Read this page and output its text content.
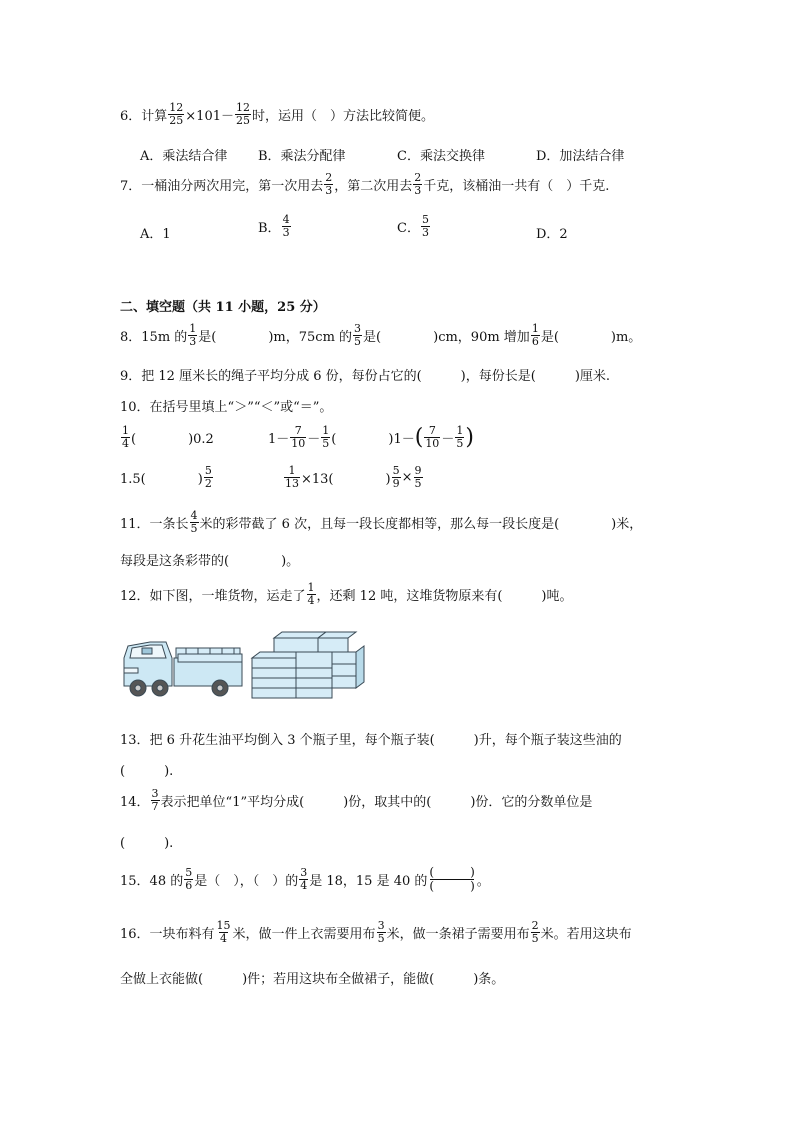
6．计算 $\frac{12}{25} \times 101- \frac{12}{25}$ 时，运用（　）方法比较简便。
A．乘法结合律 B．乘法分配律	C．乘法交换律	D．加法结合律
7．一桶油分两次用完，第一次用去 $\frac{2}{3}$ ，第二次用去 $\frac{2}{3}$ 千克，该桶油一共有（　）千克.
A．1	B． $\frac{4}{3}$	C． $\frac{5}{3}$	D．2
二、填空题（共 11 小题，25 分）
8．15m 的 $\frac{1}{3}$ 是(　　　　)m，75cm 的 $\frac{3}{5}$ 是(　　　　)cm，90m 增加 $\frac{1}{6}$ 是(　　　　)m。
9．把 12 厘米长的绳子平均分成 6 份，每份占它的(　　　)，每份长是(　　　)厘米.
10．在括号里填上“＞”“＜”或“＝”。
$\frac{1}{4}$ (　　　　)0.2	$1- \frac{7}{10} - \frac{1}{5}$ (　　　　)1－ ( $\frac{7}{10} - \frac{1}{5}$ )
1.5(　　　　) $\frac{5}{2}$	$\frac{1}{13} \times 13$(　　　　) $\frac{5}{9} \times \frac{9}{5}$
11．一条长 $\frac{4}{5}$ 米的彩带截了 6 次，且每一段长度都相等，那么每一段长度是(　　　　)米，
每段是这条彩带的(　　　　)。
12．如下图，一堆货物，运走了 $\frac{1}{4}$ ，还剩 12 吨，这堆货物原来有(　　　)吨。
13．把 6 升花生油平均倒入 3 个瓶子里，每个瓶子装(　　　)升，每个瓶子装这些油的
(　　　).
14． $\frac{3}{7}$ 表示把单位“1”平均分成(　　　)份，取其中的(　　　)份．它的分数单位是
(　　　).
15．48 的 $\frac{5}{6}$ 是（　），（　）的 $\frac{3}{4}$ 是 18，15 是 40 的 $\frac{( )}{( )}$ 。
16．一块布料有 $\frac{15}{4}$ 米，做一件上衣需要用布 $\frac{3}{5}$ 米，做一条裙子需要用布 $\frac{2}{5}$ 米。若用这块布
全做上衣能做(　　　)件；若用这块布全做裙子，能做(　　　)条。
